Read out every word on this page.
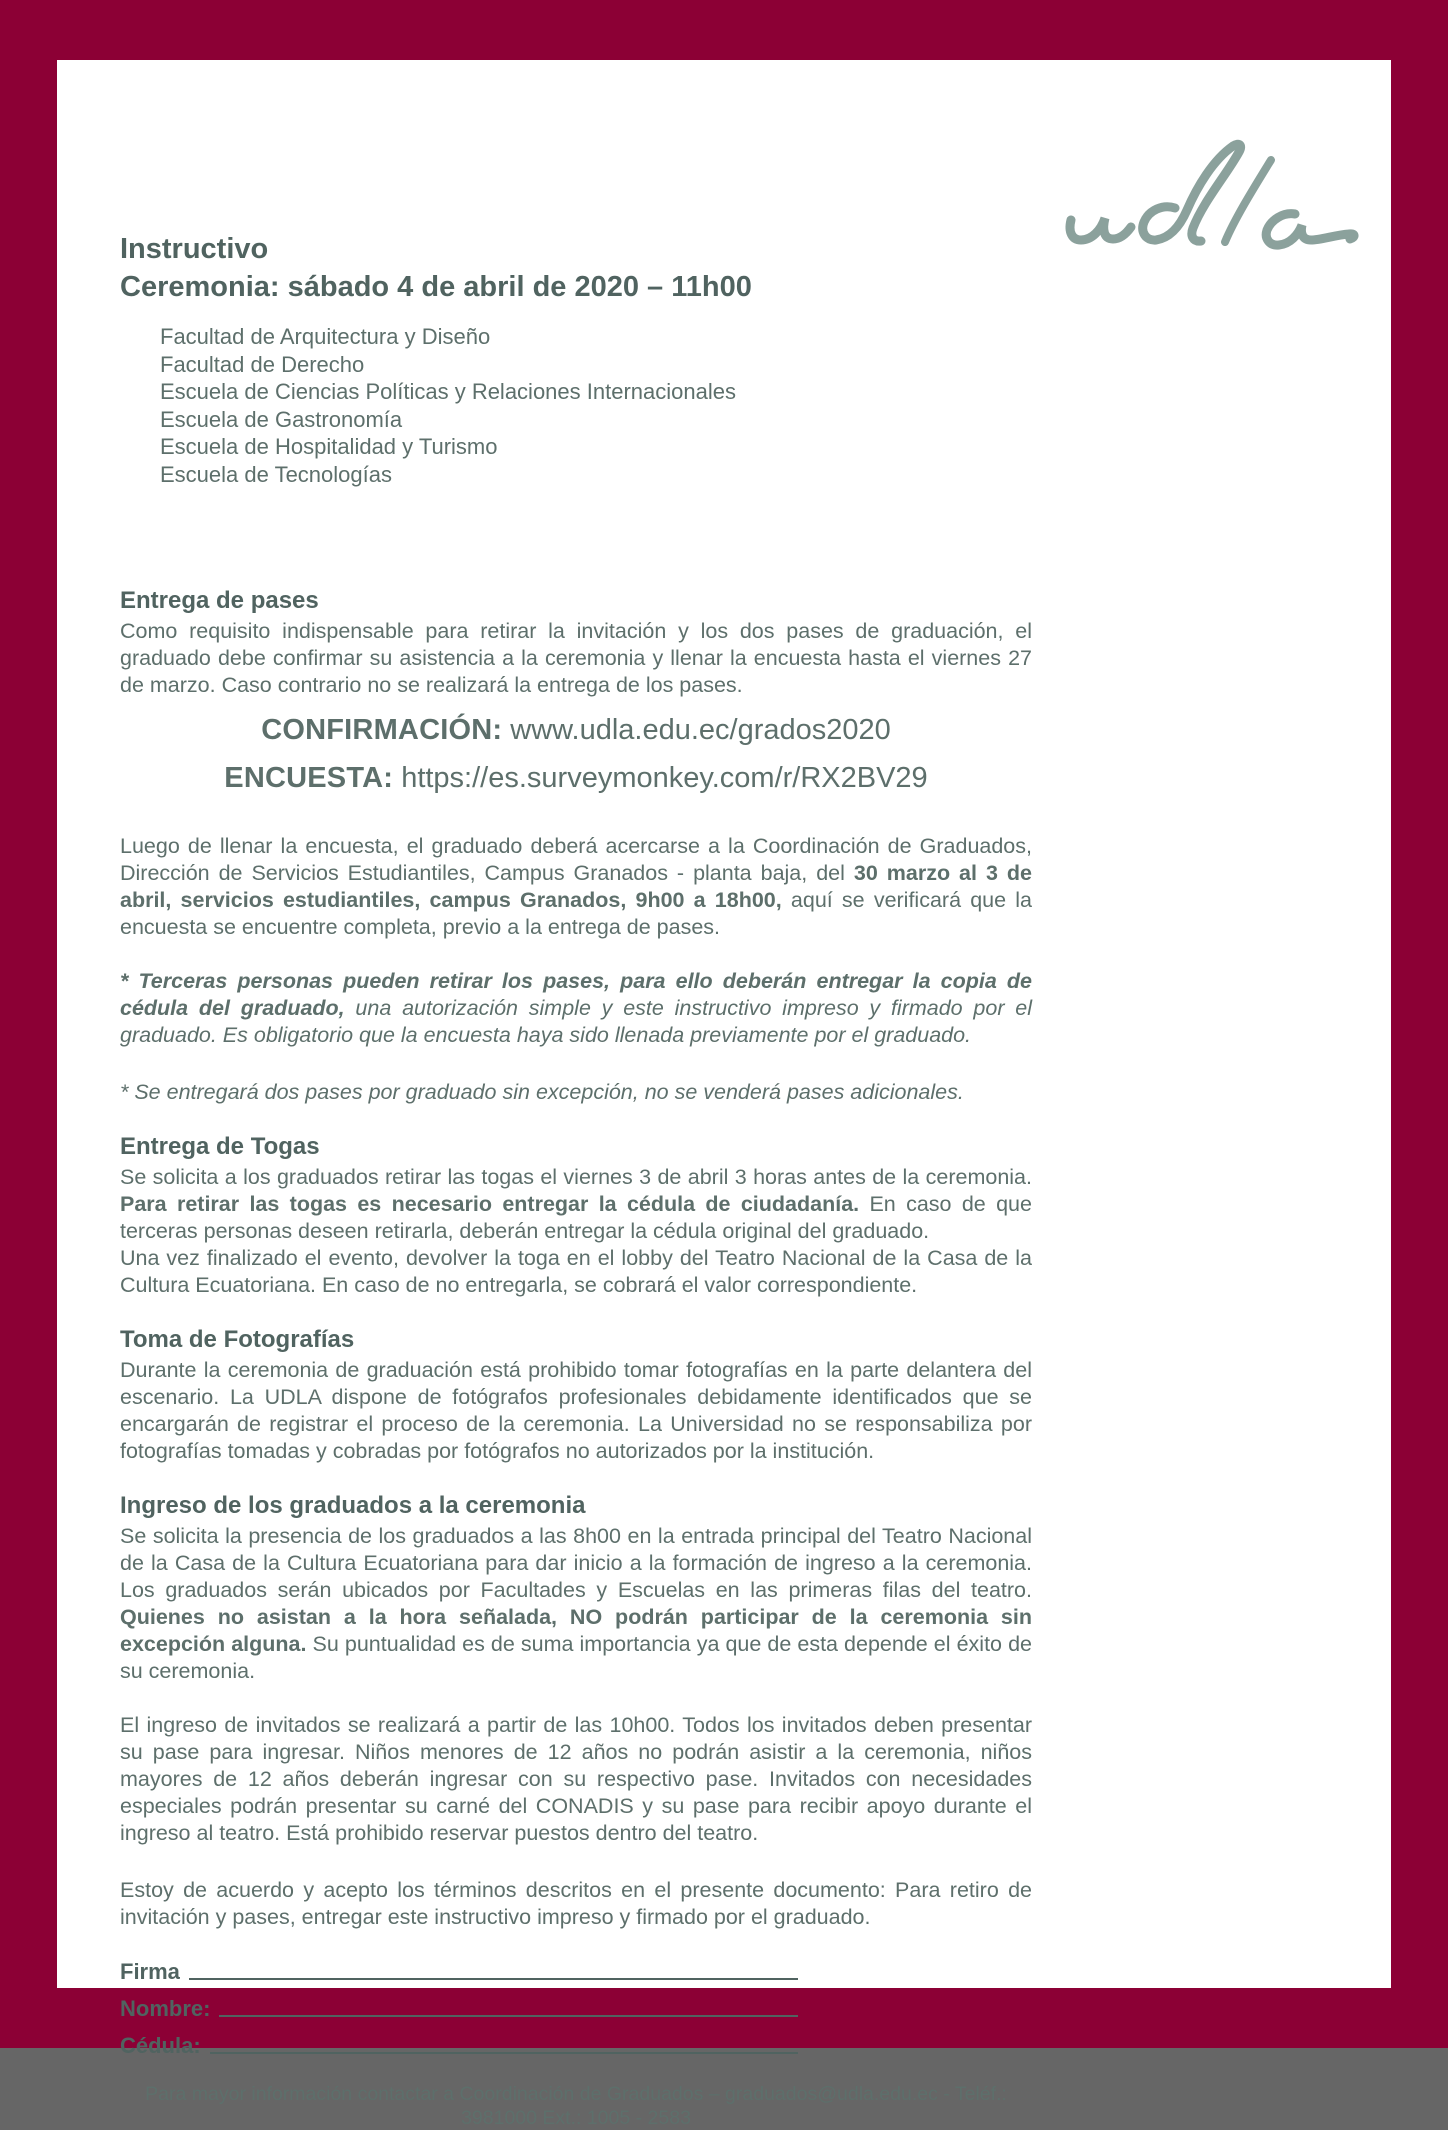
Instructivo
Ceremonia: sábado 4 de abril de 2020 – 11h00
Facultad de Arquitectura y Diseño
Facultad de Derecho
Escuela de Ciencias Políticas y Relaciones Internacionales
Escuela de Gastronomía
Escuela de Hospitalidad y Turismo
Escuela de Tecnologías
Entrega de pases

Como requisito indispensable para retirar la invitación y los dos pases de graduación, el graduado debe confirmar su asistencia a la ceremonia y llenar la encuesta hasta el viernes 27 de marzo. Caso contrario no se realizará la entrega de los pases.

CONFIRMACIÓN: www.udla.edu.ec/grados2020
ENCUESTA: https://es.surveymonkey.com/r/RX2BV29

Luego de llenar la encuesta, el graduado deberá acercarse a la Coordinación de Graduados, Dirección de Servicios Estudiantiles, Campus Granados - planta baja, del 30 marzo al 3 de abril, servicios estudiantiles, campus Granados, 9h00 a 18h00, aquí se verificará que la encuesta se encuentre completa, previo a la entrega de pases.

* Terceras personas pueden retirar los pases, para ello deberán entregar la copia de cédula del graduado, una autorización simple y este instructivo impreso y firmado por el graduado. Es obligatorio que la encuesta haya sido llenada previamente por el graduado.

* Se entregará dos pases por graduado sin excepción, no se venderá pases adicionales.

Entrega de Togas

Se solicita a los graduados retirar las togas el viernes 3 de abril 3 horas antes de la ceremonia. Para retirar las togas es necesario entregar la cédula de ciudadanía. En caso de que terceras personas deseen retirarla, deberán entregar la cédula original del graduado.

Una vez finalizado el evento, devolver la toga en el lobby del Teatro Nacional de la Casa de la Cultura Ecuatoriana. En caso de no entregarla, se cobrará el valor correspondiente.

Toma de Fotografías

Durante la ceremonia de graduación está prohibido tomar fotografías en la parte delantera del escenario. La UDLA dispone de fotógrafos profesionales debidamente identificados que se encargarán de registrar el proceso de la ceremonia. La Universidad no se responsabiliza por fotografías tomadas y cobradas por fotógrafos no autorizados por la institución.

Ingreso de los graduados a la ceremonia

Se solicita la presencia de los graduados a las 8h00 en la entrada principal del Teatro Nacional de la Casa de la Cultura Ecuatoriana para dar inicio a la formación de ingreso a la ceremonia. Los graduados serán ubicados por Facultades y Escuelas en las primeras filas del teatro. Quienes no asistan a la hora señalada, NO podrán participar de la ceremonia sin excepción alguna. Su puntualidad es de suma importancia ya que de esta depende el éxito de su ceremonia.

El ingreso de invitados se realizará a partir de las 10h00. Todos los invitados deben presentar su pase para ingresar. Niños menores de 12 años no podrán asistir a la ceremonia, niños mayores de 12 años deberán ingresar con su respectivo pase. Invitados con necesidades especiales podrán presentar su carné del CONADIS y su pase para recibir apoyo durante el ingreso al teatro. Está prohibido reservar puestos dentro del teatro.

Estoy de acuerdo y acepto los términos descritos en el presente documento: Para retiro de invitación y pases, entregar este instructivo impreso y firmado por el graduado.

Firma
Nombre:
Cédula:
Para mayor información contactar a Coordinación de Graduados – graduados@udla.edu.ec - Teléf.: 3981000 Ext.: 1005 - 2583
